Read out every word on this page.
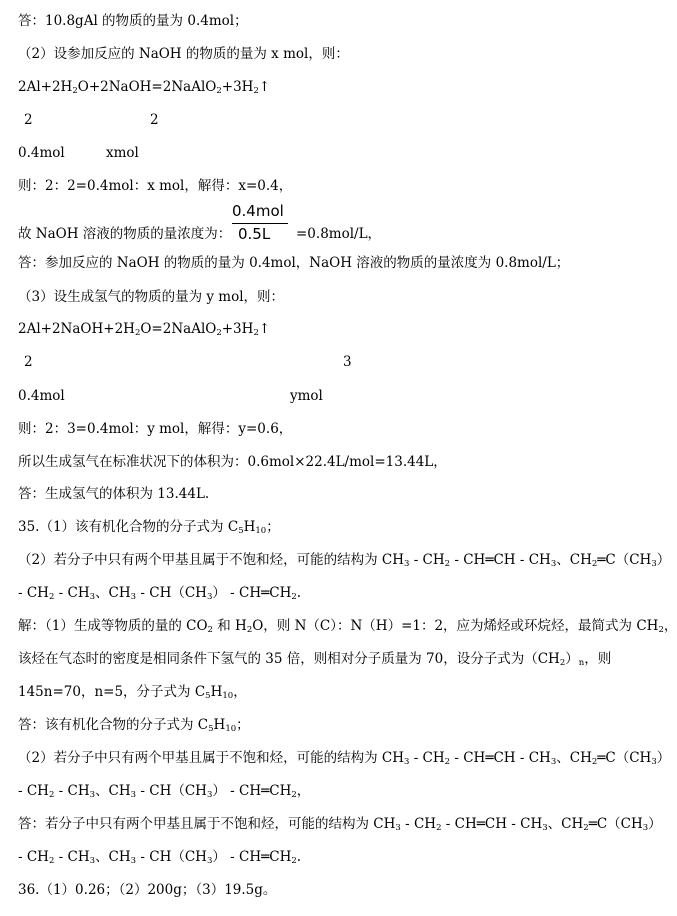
答：10.8gAl 的物质的量为 0.4mol；
（2）设参加反应的 NaOH 的物质的量为 x mol，则：
$2Al+2H_2O+2NaOH=2NaAlO_2+3H_2↑$
2	2
0.4mol	xmol
则：2：2=0.4mol：x mol，解得：x=0.4，
故 NaOH 溶液的物质的量浓度为：
0.4mol
0.5L =0.8mol/L，
答：参加反应的 NaOH 的物质的量为 0.4mol，NaOH 溶液的物质的量浓度为 0.8mol/L；
（3）设生成氢气的物质的量为 y mol，则：
$2Al+2NaOH+2H_2O=2NaAlO_2+3H_2↑$
2	3
0.4mol	ymol
则：2：3=0.4mol：y mol，解得：y=0.6，
所以生成氢气在标准状况下的体积为：0.6mol×22.4L/mol=13.44L，
答：生成氢气的体积为 13.44L.
35.（1）该有机化合物的分子式为 $C_5H_{10}$；
（2）若分子中只有两个甲基且属于不饱和烃，可能的结构为 $CH_3 - CH_2$ - CH═CH - $CH_3$、$CH_2═C(CH_3)$
- $CH_2 - CH_3$、$CH_3 - CH(CH_3)$ - $CH═CH_2$.
解：（1）生成等物质的量的 $CO_2$ 和 $H_2O$，则 N（C）：N（H）=1：2，应为烯烃或环烷烃，最简式为 $CH_2$，
该烃在气态时的密度是相同条件下氢气的 35 倍，则相对分子质量为 70，设分子式为$(CH_2)_n$，则
145n=70，n=5，分子式为 $C_5H_{10}$，
答：该有机化合物的分子式为 $C_5H_{10}$；
（2）若分子中只有两个甲基且属于不饱和烃，可能的结构为 $CH_3 - CH_2$ - CH═CH - $CH_3$、$CH_2═C(CH_3)$
- $CH_2 - CH_3$、$CH_3 - CH(CH_3)$ - $CH═CH_2$，
答：若分子中只有两个甲基且属于不饱和烃，可能的结构为 $CH_3 - CH_2$ - CH═CH - $CH_3$、$CH_2═C(CH_3)$
- $CH_2 - CH_3$、$CH_3 - CH(CH_3)$ - $CH═CH_2$.
36.（1）0.26；（2）200g；（3）19.5g。
